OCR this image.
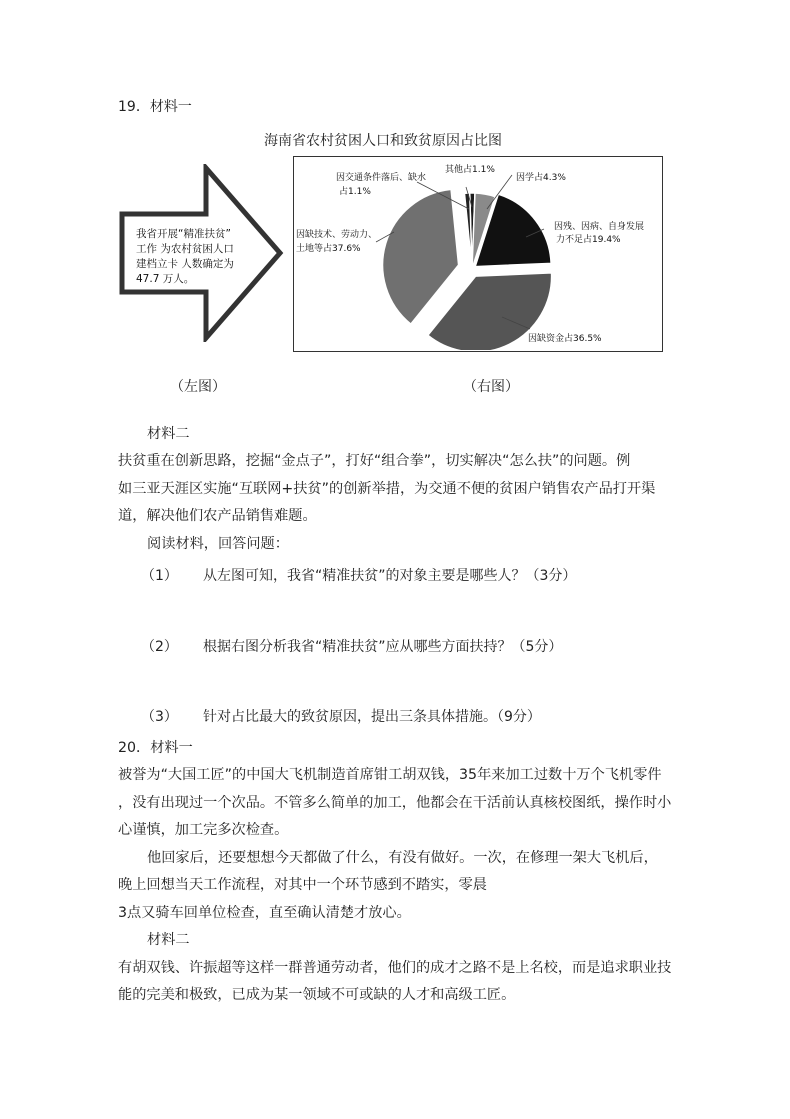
19．材料一
海南省农村贫困人口和致贫原因占比图
我省开展“精准扶贫”
工作 为农村贫困人口
建档立卡 人数确定为
47.7 万人。
其他占1.1%
因交通条件落后、缺水
占1.1%
因学占4.3%
因残、因病、自身发展
力不足占19.4%
因缺资金占36.5%
因缺技术、劳动力、
土地等占37.6%
（左图）	（右图）
材料二
扶贫重在创新思路，挖掘“金点子”，打好“组合拳”，切实解决“怎么扶”的问题。例
如三亚天涯区实施“互联网+扶贫”的创新举措，为交通不便的贫困户销售农产品打开渠
道，解决他们农产品销售难题。
阅读材料，回答问题：
（1） 从左图可知，我省“精准扶贫”的对象主要是哪些人？（3分）
（2） 根据右图分析我省“精准扶贫”应从哪些方面扶持？（5分）
（3） 针对占比最大的致贫原因，提出三条具体措施。（9分）
20．材料一
被誉为“大国工匠”的中国大飞机制造首席钳工胡双钱，35年来加工过数十万个飞机零件
，没有出现过一个次品。不管多么简单的加工，他都会在干活前认真核校图纸，操作时小
心谨慎，加工完多次检查。
他回家后，还要想想今天都做了什么，有没有做好。一次，在修理一架大飞机后，
晚上回想当天工作流程，对其中一个环节感到不踏实，零晨
3点又骑车回单位检查，直至确认清楚才放心。
材料二
有胡双钱、许振超等这样一群普通劳动者，他们的成才之路不是上名校，而是追求职业技
能的完美和极致，已成为某一领域不可或缺的人才和高级工匠。
